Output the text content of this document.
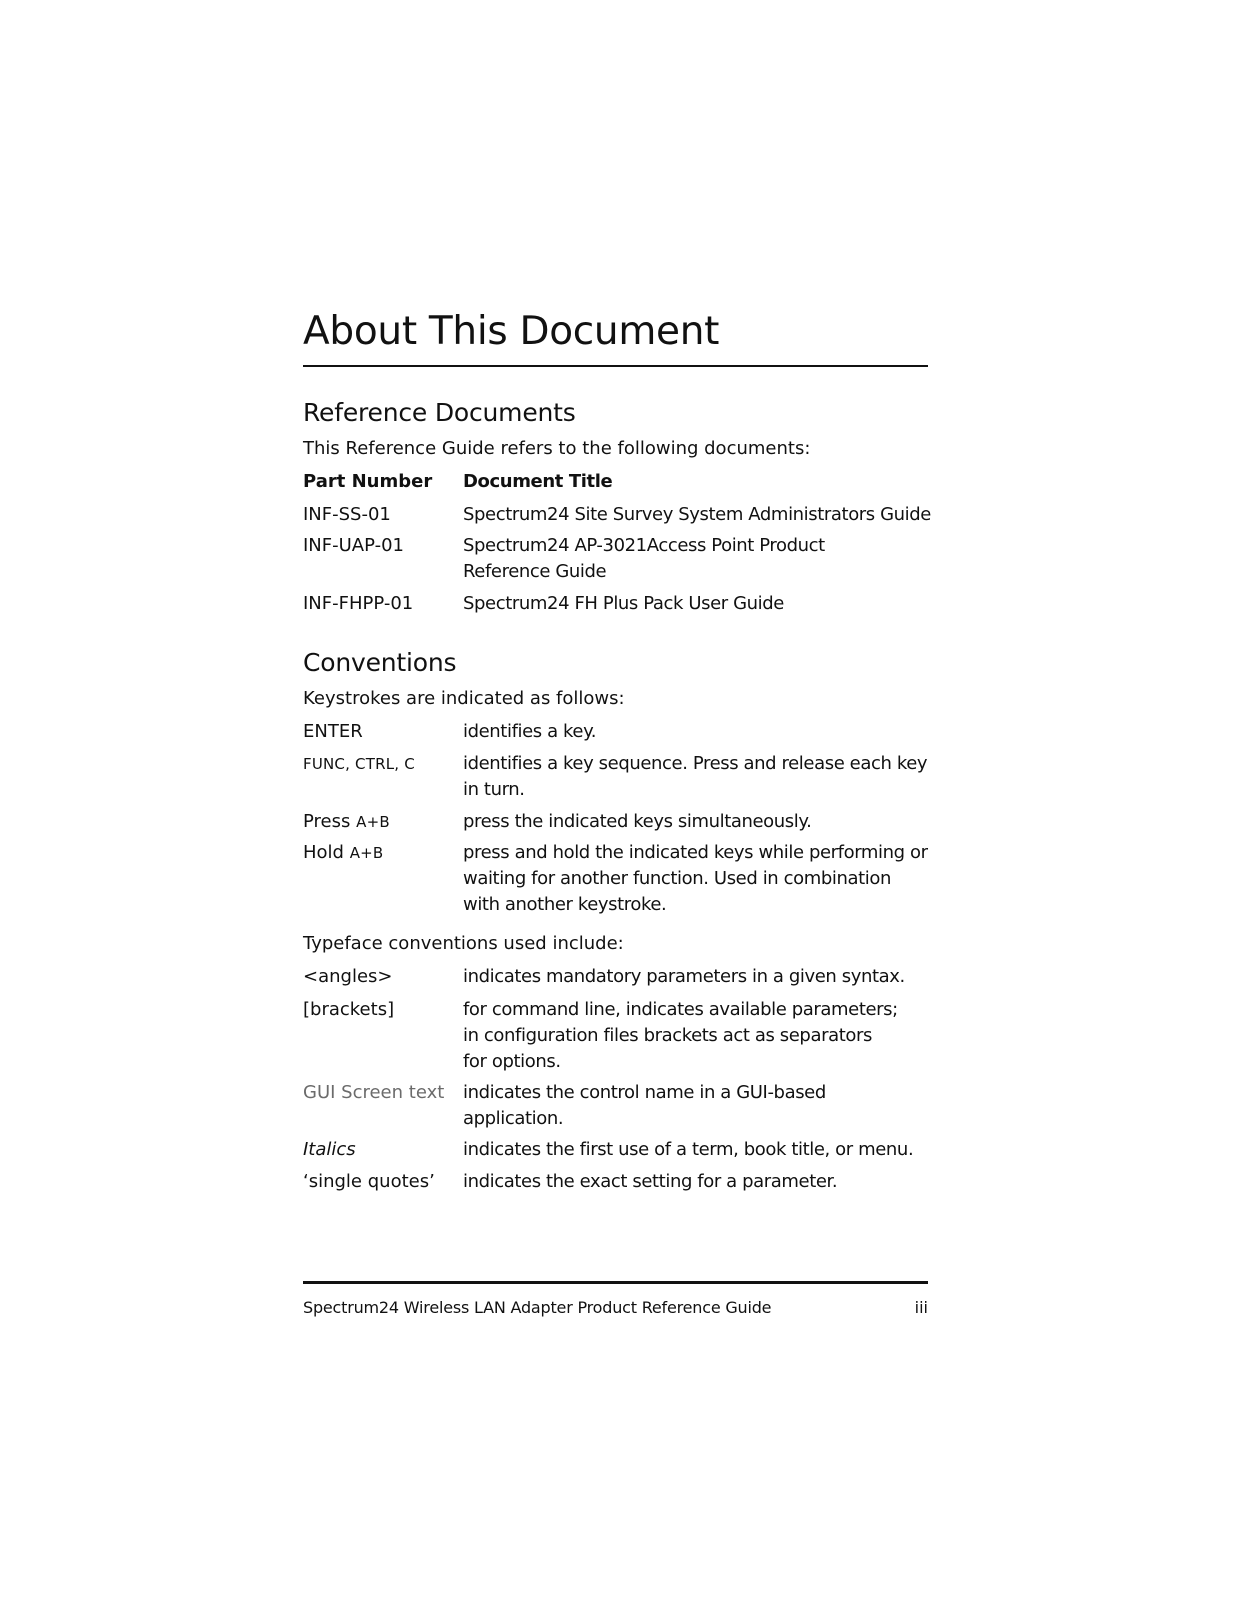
About This Document
Reference Documents
This Reference Guide refers to the following documents:
Part Number	Document Title
INF-SS-01	Spectrum24 Site Survey System Administrators Guide
INF-UAP-01	Spectrum24 AP-3021Access Point Product
Reference Guide
INF-FHPP-01	Spectrum24 FH Plus Pack User Guide
Conventions
Keystrokes are indicated as follows:
ENTER	identifies a key.
FUNC, CTRL, C	identifies a key sequence. Press and release each key
in turn.
Press A+B	press the indicated keys simultaneously.
Hold A+B	press and hold the indicated keys while performing or
waiting for another function. Used in combination
with another keystroke.
Typeface conventions used include:
<angles>	indicates mandatory parameters in a given syntax.
[brackets]	for command line, indicates available parameters;
in configuration files brackets act as separators
for options.
GUI Screen text	indicates the control name in a GUI-based
application.
Italics	indicates the first use of a term, book title, or menu.
‘single quotes’	indicates the exact setting for a parameter.
Spectrum24 Wireless LAN Adapter Product Reference Guide	iii
